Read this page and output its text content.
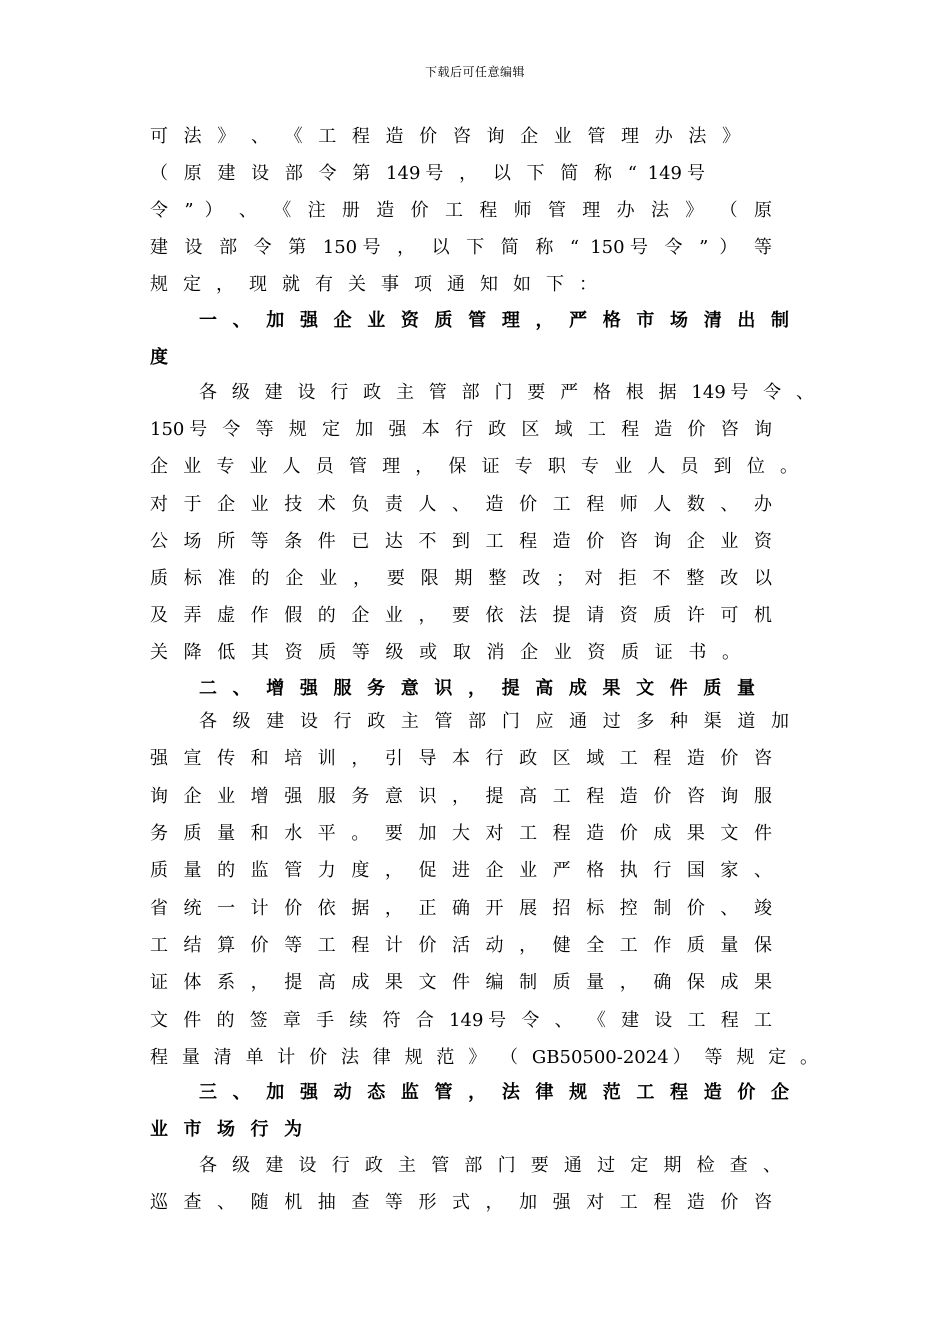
下载后可任意编辑
可 法 》 、 《 工 程 造 价 咨 询 企 业 管 理 办 法 》
（ 原 建 设 部 令 第 149号 ， 以 下 简 称 “ 149号
令 ” ） 、 《 注 册 造 价 工 程 师 管 理 办 法 》 （ 原
建 设 部 令 第 150号 ， 以 下 简 称 “ 150号 令 ” ） 等
规 定 ， 现 就 有 关 事 项 通 知 如 下 ：
一 、 加 强 企 业 资 质 管 理 ， 严 格 市 场 清 出 制
度
各 级 建 设 行 政 主 管 部 门 要 严 格 根 据 149号 令 、
150号 令 等 规 定 加 强 本 行 政 区 域 工 程 造 价 咨 询
企 业 专 业 人 员 管 理 ， 保 证 专 职 专 业 人 员 到 位 。
对 于 企 业 技 术 负 责 人 、 造 价 工 程 师 人 数 、 办
公 场 所 等 条 件 已 达 不 到 工 程 造 价 咨 询 企 业 资
质 标 准 的 企 业 ， 要 限 期 整 改 ； 对 拒 不 整 改 以
及 弄 虚 作 假 的 企 业 ， 要 依 法 提 请 资 质 许 可 机
关 降 低 其 资 质 等 级 或 取 消 企 业 资 质 证 书 。
二 、 增 强 服 务 意 识 ， 提 高 成 果 文 件 质 量
各 级 建 设 行 政 主 管 部 门 应 通 过 多 种 渠 道 加
强 宣 传 和 培 训 ， 引 导 本 行 政 区 域 工 程 造 价 咨
询 企 业 增 强 服 务 意 识 ， 提 高 工 程 造 价 咨 询 服
务 质 量 和 水 平 。 要 加 大 对 工 程 造 价 成 果 文 件
质 量 的 监 管 力 度 ， 促 进 企 业 严 格 执 行 国 家 、
省 统 一 计 价 依 据 ， 正 确 开 展 招 标 控 制 价 、 竣
工 结 算 价 等 工 程 计 价 活 动 ， 健 全 工 作 质 量 保
证 体 系 ， 提 高 成 果 文 件 编 制 质 量 ， 确 保 成 果
文 件 的 签 章 手 续 符 合 149号 令 、 《 建 设 工 程 工
程 量 清 单 计 价 法 律 规 范 》 （ GB50500-2024） 等 规 定 。
三 、 加 强 动 态 监 管 ， 法 律 规 范 工 程 造 价 企
业 市 场 行 为
各 级 建 设 行 政 主 管 部 门 要 通 过 定 期 检 查 、
巡 查 、 随 机 抽 查 等 形 式 ， 加 强 对 工 程 造 价 咨
